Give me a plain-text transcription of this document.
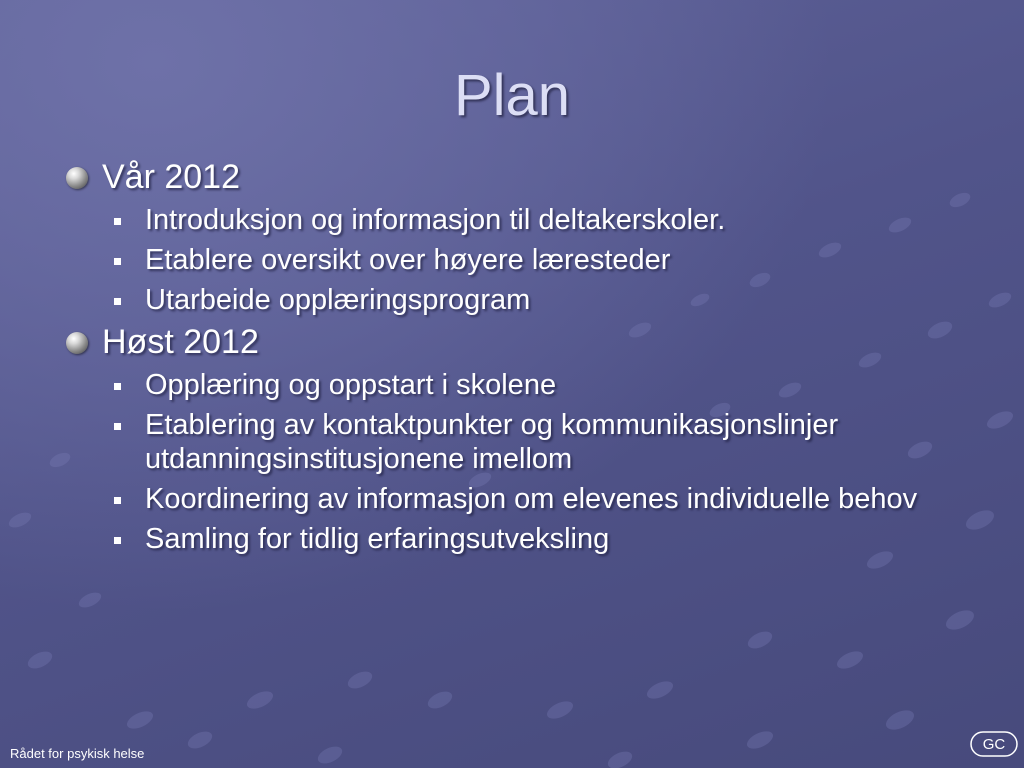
Plan
Vår 2012
Introduksjon og informasjon til deltakerskoler.
Etablere oversikt over høyere læresteder
Utarbeide opplæringsprogram
Høst 2012
Opplæring og oppstart i skolene
Etablering av kontaktpunkter og kommunikasjonslinjer utdanningsinstitusjonene imellom
Koordinering av informasjon om elevenes individuelle behov
Samling for tidlig erfaringsutveksling
Rådet for psykisk helse
GC
